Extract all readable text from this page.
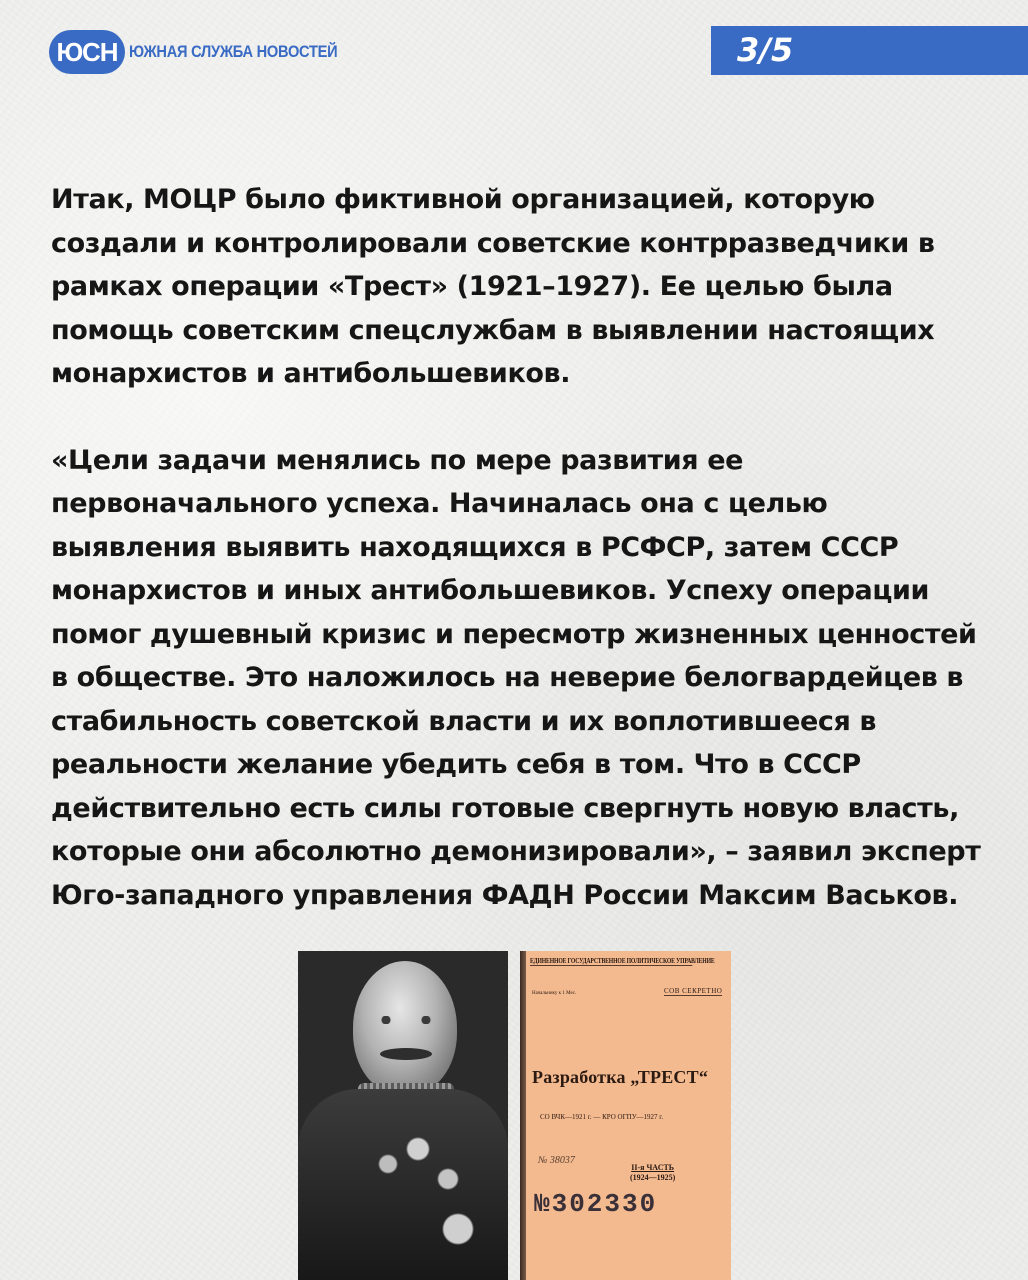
ЮСН ЮЖНАЯ СЛУЖБА НОВОСТЕЙ	3/5

Итак, МОЦР было фиктивной организацией, которую создали и контролировали советские контрразведчики в рамках операции «Трест» (1921–1927). Ее целью была помощь советским спецслужбам в выявлении настоящих монархистов и антибольшевиков.

«Цели задачи менялись по мере развития ее первоначального успеха. Начиналась она с целью выявления выявить находящихся в РСФСР, затем СССР монархистов и иных антибольшевиков. Успеху операции помог душевный кризис и пересмотр жизненных ценностей в обществе. Это наложилось на неверие белогвардейцев в стабильность советской власти и их воплотившееся в реальности желание убедить себя в том. Что в СССР действительно есть силы готовые свергнуть новую власть, которые они абсолютно демонизировали», – заявил эксперт Юго-западного управления ФАДН России Максим Васьков.

ЕДИНЕННОЕ ГОСУДАРСТВЕННОЕ ПОЛИТИЧЕСКОЕ УПРАВЛЕНИЕ
Начальнику к 1 Мес.	СОВ СЕКРЕТНО
Разработка „ТРЕСТ“
СО ВЧК—1921 г. — КРО ОГПУ—1927 г.
№ 38037
II-я ЧАСТЬ
(1924—1925)
№302330
